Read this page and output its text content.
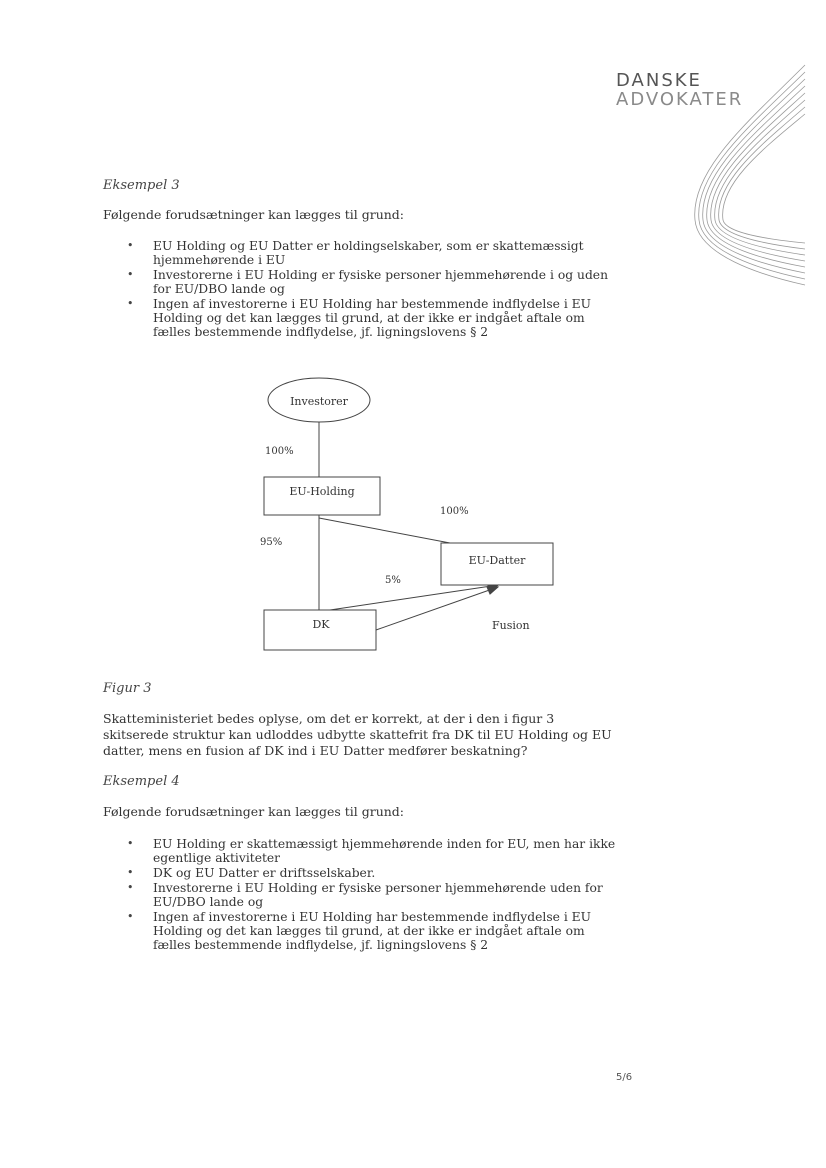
DANSKE
ADVOKATER
Eksempel 3
Følgende forudsætninger kan lægges til grund:
• EU Holding og EU Datter er holdingselskaber, som er skattemæssigt hjemmehørende i EU
• Investorerne i EU Holding er fysiske personer hjemmehørende i og uden for EU/DBO lande og
• Ingen af investorerne i EU Holding har bestemmende indflydelse i EU Holding og det kan lægges til grund, at der ikke er indgået aftale om fælles bestemmende indflydelse, jf. ligningslovens § 2
Investorer
100%
EU-Holding
100%
95%
EU-Datter
5%
DK	Fusion
Figur 3
Skatteministeriet bedes oplyse, om det er korrekt, at der i den i figur 3 skitserede struktur kan udloddes udbytte skattefrit fra DK til EU Holding og EU datter, mens en fusion af DK ind i EU Datter medfører beskatning?
Eksempel 4
Følgende forudsætninger kan lægges til grund:
• EU Holding er skattemæssigt hjemmehørende inden for EU, men har ikke egentlige aktiviteter
• DK og EU Datter er driftsselskaber.
• Investorerne i EU Holding er fysiske personer hjemmehørende uden for EU/DBO lande og
• Ingen af investorerne i EU Holding har bestemmende indflydelse i EU Holding og det kan lægges til grund, at der ikke er indgået aftale om fælles bestemmende indflydelse, jf. ligningslovens § 2
5/6
